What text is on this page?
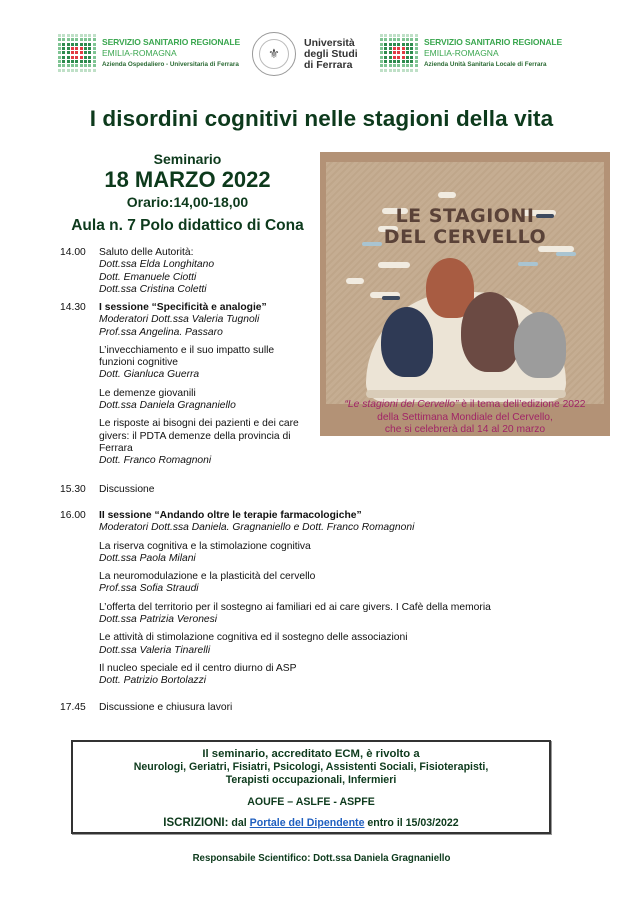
SERVIZIO SANITARIO REGIONALE
EMILIA-ROMAGNA
Azienda Ospedaliero - Universitaria di Ferrara
⚜
Università
degli Studi
di Ferrara
SERVIZIO SANITARIO REGIONALE
EMILIA-ROMAGNA
Azienda Unità Sanitaria Locale di Ferrara
I disordini cognitivi nelle stagioni della vita
Seminario
18 MARZO 2022
Orario:14,00-18,00
Aula n. 7 Polo didattico di Cona	LE STAGIONI
DEL CERVELLO
“Le stagioni del Cervello” è il tema dell’edizione 2022
della Settimana Mondiale del Cervello,
che si celebrerà dal 14 al 20 marzo
14.00	Saluto delle Autorità:
Dott.ssa Elda Longhitano
Dott. Emanuele Ciotti
Dott.ssa Cristina Coletti
14.30	I sessione “Specificità e analogie”
Moderatori Dott.ssa Valeria Tugnoli
Prof.ssa Angelina. Passaro
L’invecchiamento e il suo impatto sulle
funzioni cognitive
Dott. Gianluca Guerra
Le demenze giovanili
Dott.ssa Daniela Gragnaniello
Le risposte ai bisogni dei pazienti e dei care
givers: il PDTA demenze della provincia di
Ferrara
Dott. Franco Romagnoni
15.30	Discussione
16.00	II sessione “Andando oltre le terapie farmacologiche”
Moderatori Dott.ssa Daniela. Gragnaniello e Dott. Franco Romagnoni
La riserva cognitiva e la stimolazione cognitiva
Dott.ssa Paola Milani
La neuromodulazione e la plasticità del cervello
Prof.ssa Sofia Straudi
L’offerta del territorio per il sostegno ai familiari ed ai care givers. I Cafè della memoria
Dott.ssa Patrizia Veronesi
Le attività di stimolazione cognitiva ed il sostegno delle associazioni
Dott.ssa Valeria Tinarelli
Il nucleo speciale ed il centro diurno di ASP
Dott. Patrizio Bortolazzi
17.45	Discussione e chiusura lavori
Il seminario, accreditato ECM, è rivolto a
Neurologi, Geriatri, Fisiatri, Psicologi, Assistenti Sociali, Fisioterapisti,
Terapisti occupazionali, Infermieri
AOUFE – ASLFE - ASPFE
ISCRIZIONI: dal Portale del Dipendente entro il 15/03/2022
Responsabile Scientifico: Dott.ssa Daniela Gragnaniello
